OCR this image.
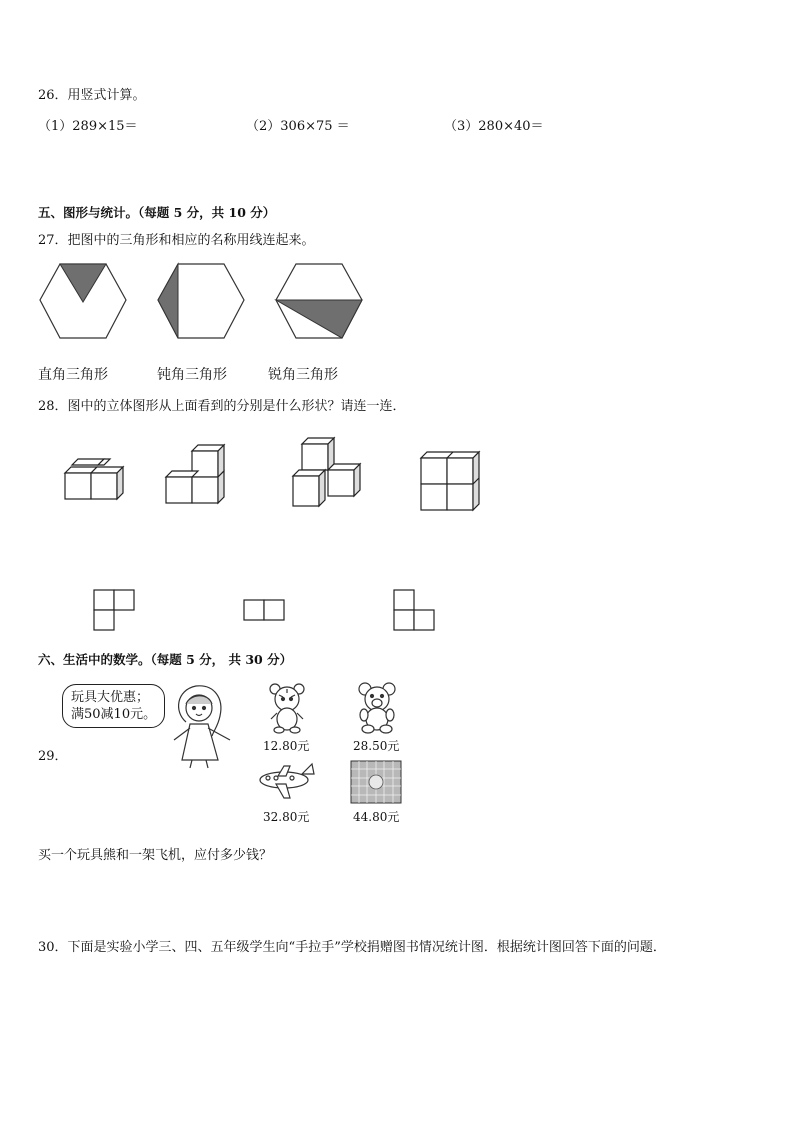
26．用竖式计算。
（1）289×15＝	（2）306×75 ＝	（3）280×40＝
五、图形与统计。（每题 5 分，共 10 分）
27．把图中的三角形和相应的名称用线连起来。
直角三角形	钝角三角形	锐角三角形
28．图中的立体图形从上面看到的分别是什么形状？请连一连．
六、生活中的数学。（每题 5 分， 共 30 分）
29．
玩具大优惠；
满50减10元。
12.80元	28.50元
32.80元	44.80元
买一个玩具熊和一架飞机，应付多少钱？
30．下面是实验小学三、四、五年级学生向“手拉手”学校捐赠图书情况统计图．根据统计图回答下面的问题．
